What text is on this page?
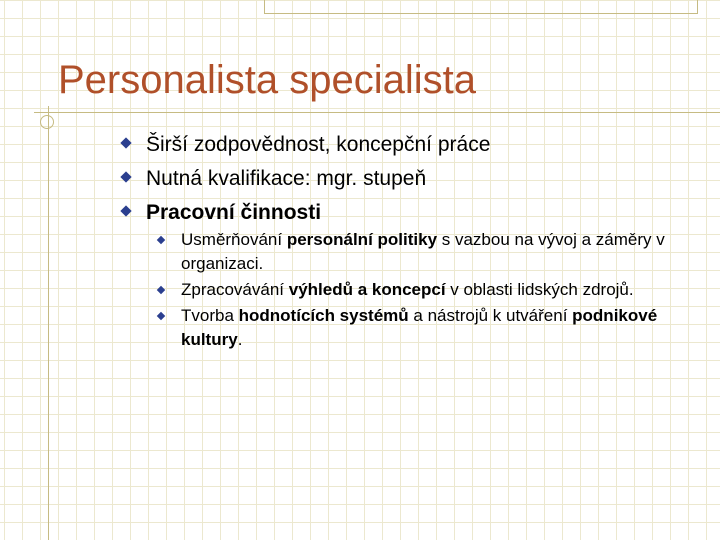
Personalista specialista
Širší zodpovědnost, koncepční práce
Nutná kvalifikace: mgr. stupeň
Pracovní činnosti
Usměrňování personální politiky s vazbou na vývoj a záměry v organizaci.
Zpracovávání výhledů a koncepcí v oblasti lidských zdrojů.
Tvorba hodnotících systémů a nástrojů k utváření podnikové kultury.
